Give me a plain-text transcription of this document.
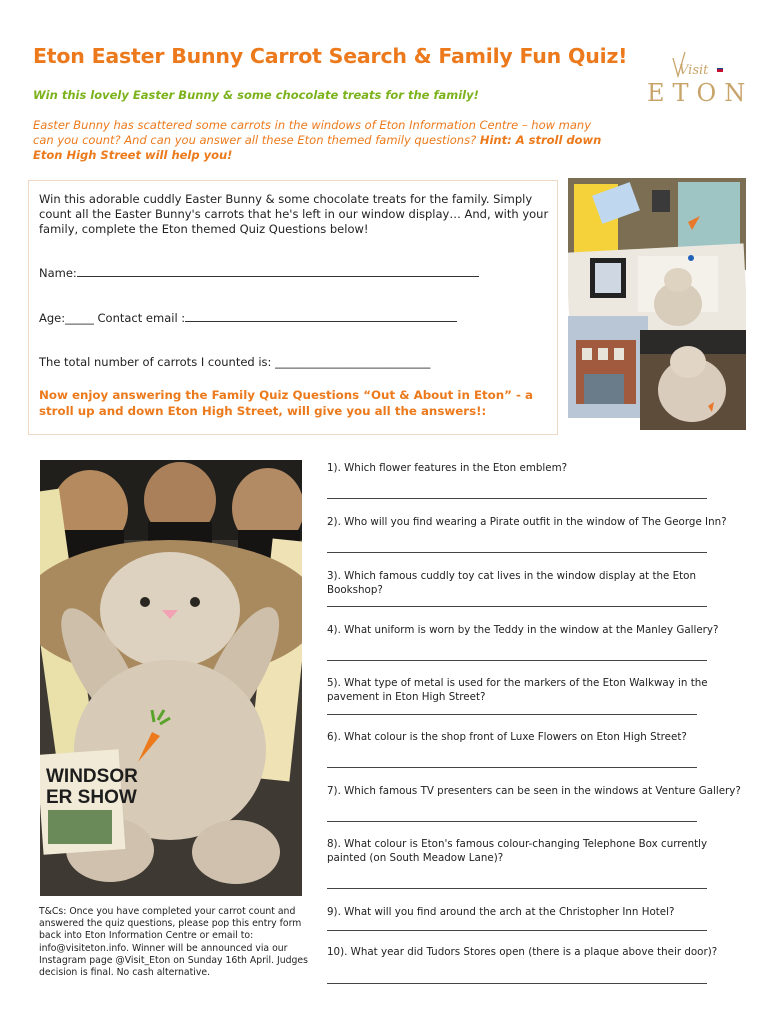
Eton Easter Bunny Carrot Search & Family Fun Quiz!
Visit
ETON
Win this lovely Easter Bunny & some chocolate treats for the family!
Easter Bunny has scattered some carrots in the windows of Eton Information Centre – how many can you count? And can you answer all these Eton themed family questions? Hint: A stroll down Eton High Street will help you!
Win this adorable cuddly Easter Bunny & some chocolate treats for the family. Simply count all the Easter Bunny's carrots that he's left in our window display… And, with your family, complete the Eton themed Quiz Questions below!
Name:
Age:_____ Contact email :
The total number of carrots I counted is: ___________________________
Now enjoy answering the Family Quiz Questions “Out & About in Eton” - a stroll up and down Eton High Street, will give you all the answers!:
WINDSOR
ER SHOW
1). Which flower features in the Eton emblem?
2). Who will you find wearing a Pirate outfit in the window of The George Inn?
3). Which famous cuddly toy cat lives in the window display at the Eton Bookshop?
4). What uniform is worn by the Teddy in the window at the Manley Gallery?
5). What type of metal is used for the markers of the Eton Walkway in the pavement in Eton High Street?
6). What colour is the shop front of Luxe Flowers on Eton High Street?
7). Which famous TV presenters can be seen in the windows at Venture Gallery?
8). What colour is Eton's famous colour-changing Telephone Box currently painted (on South Meadow Lane)?
9). What will you find around the arch at the Christopher Inn Hotel?
10). What year did Tudors Stores open (there is a plaque above their door)?
T&Cs: Once you have completed your carrot count and answered the quiz questions, please pop this entry form back into Eton Information Centre or email to: info@visiteton.info. Winner will be announced via our Instagram page @Visit_Eton on Sunday 16th April. Judges decision is final. No cash alternative.
